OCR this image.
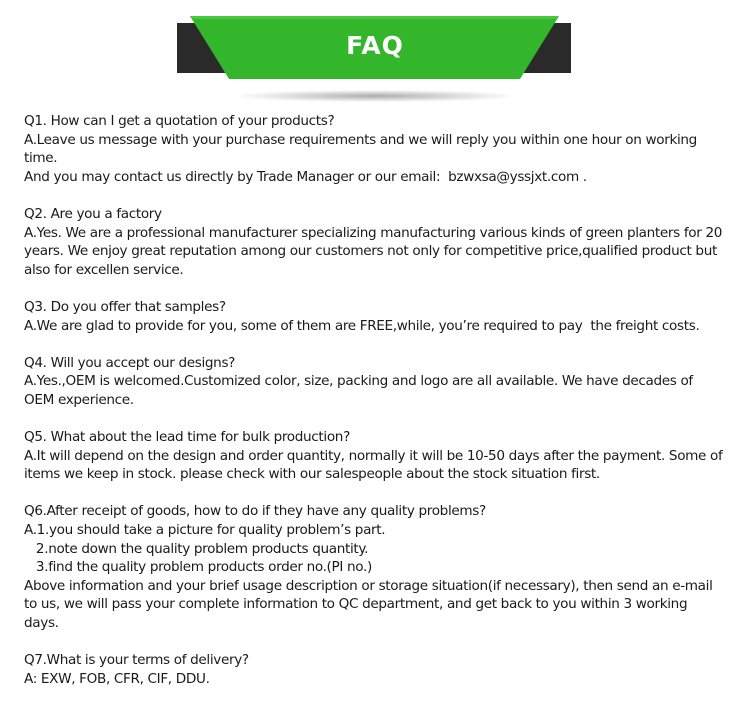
FAQ
Q1. How can I get a quotation of your products?
A.Leave us message with your purchase requirements and we will reply you within one hour on working time.
And you may contact us directly by Trade Manager or our email:  bzwxsa@yssjxt.com .
Q2. Are you a factory
A.Yes. We are a professional manufacturer specializing manufacturing various kinds of green planters for 20 years. We enjoy great reputation among our customers not only for competitive price,qualified product but also for excellen service.
Q3. Do you offer that samples?
A.We are glad to provide for you, some of them are FREE,while, you’re required to pay  the freight costs.
Q4. Will you accept our designs?
A.Yes.,OEM is welcomed.Customized color, size, packing and logo are all available. We have decades of OEM experience.
Q5. What about the lead time for bulk production?
A.It will depend on the design and order quantity, normally it will be 10-50 days after the payment. Some of items we keep in stock. please check with our salespeople about the stock situation first.
Q6.After receipt of goods, how to do if they have any quality problems?
A.1.you should take a picture for quality problem’s part.
2.note down the quality problem products quantity.
3.find the quality problem products order no.(PI no.)
Above information and your brief usage description or storage situation(if necessary), then send an e-mail to us, we will pass your complete information to QC department, and get back to you within 3 working days.
Q7.What is your terms of delivery?
A: EXW, FOB, CFR, CIF, DDU.
